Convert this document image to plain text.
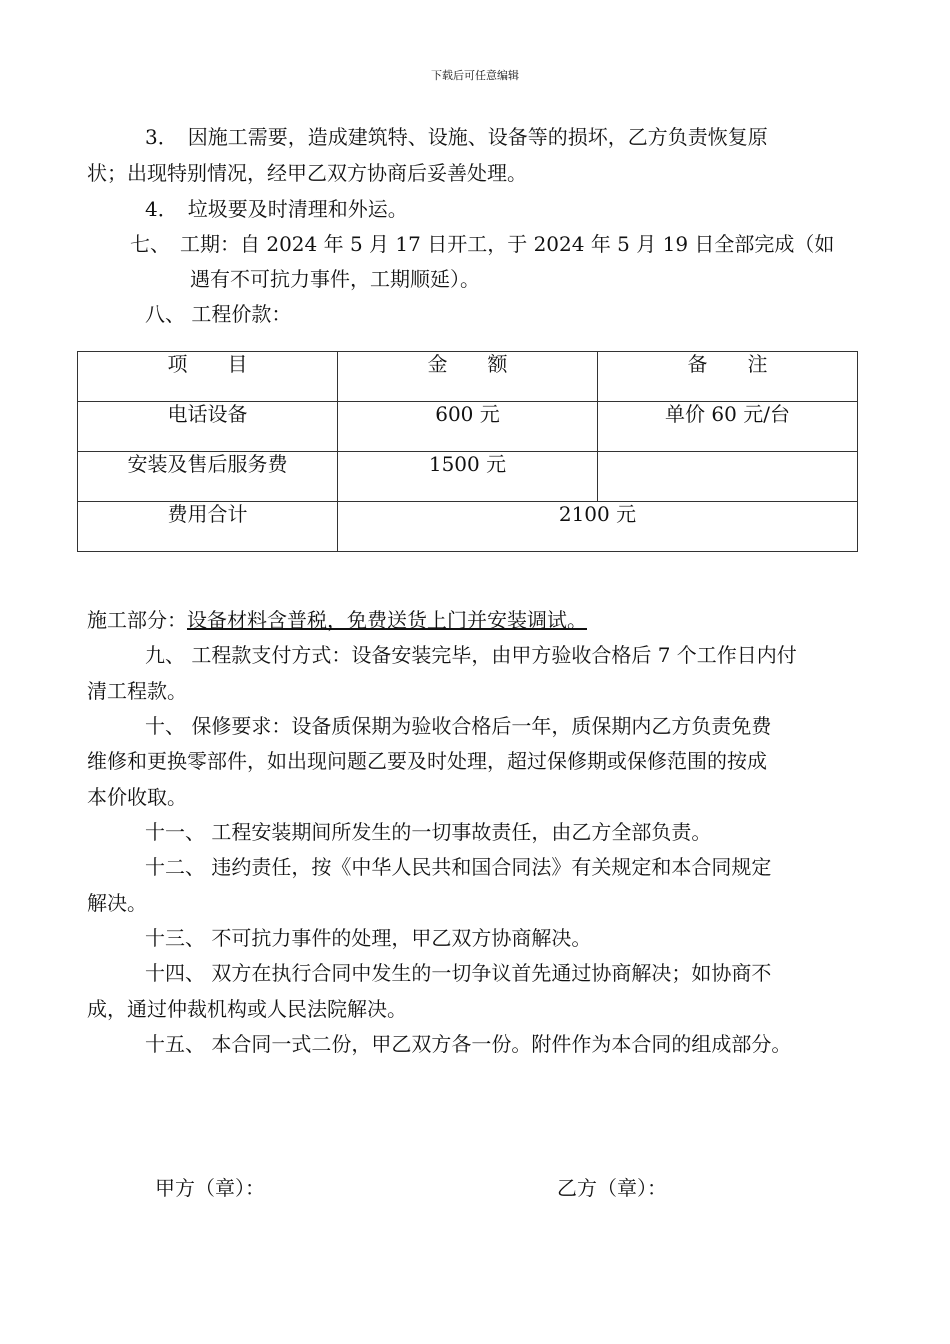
下载后可任意编辑
3．　因施工需要，造成建筑特、设施、设备等的损坏，乙方负责恢复原
状；出现特别情况，经甲乙双方协商后妥善处理。
4．　垃圾要及时清理和外运。
七、　工期：自 2024 年 5 月 17 日开工，于 2024 年 5 月 19 日全部完成（如
遇有不可抗力事件，工期顺延）。
八、 工程价款：
项　　目	金　　额	备　　注
电话设备	600 元	单价 60 元/台
安装及售后服务费	1500 元	
费用合计	2100 元	
施工部分：设备材料含普税，免费送货上门并安装调试。
九、 工程款支付方式：设备安装完毕，由甲方验收合格后 7 个工作日内付
清工程款。
十、 保修要求：设备质保期为验收合格后一年，质保期内乙方负责免费
维修和更换零部件，如出现问题乙要及时处理，超过保修期或保修范围的按成
本价收取。
十一、 工程安装期间所发生的一切事故责任，由乙方全部负责。
十二、 违约责任，按《中华人民共和国合同法》有关规定和本合同规定
解决。
十三、 不可抗力事件的处理，甲乙双方协商解决。
十四、 双方在执行合同中发生的一切争议首先通过协商解决；如协商不
成，通过仲裁机构或人民法院解决。
十五、 本合同一式二份，甲乙双方各一份。附件作为本合同的组成部分。
甲方（章）：	乙方（章）：
